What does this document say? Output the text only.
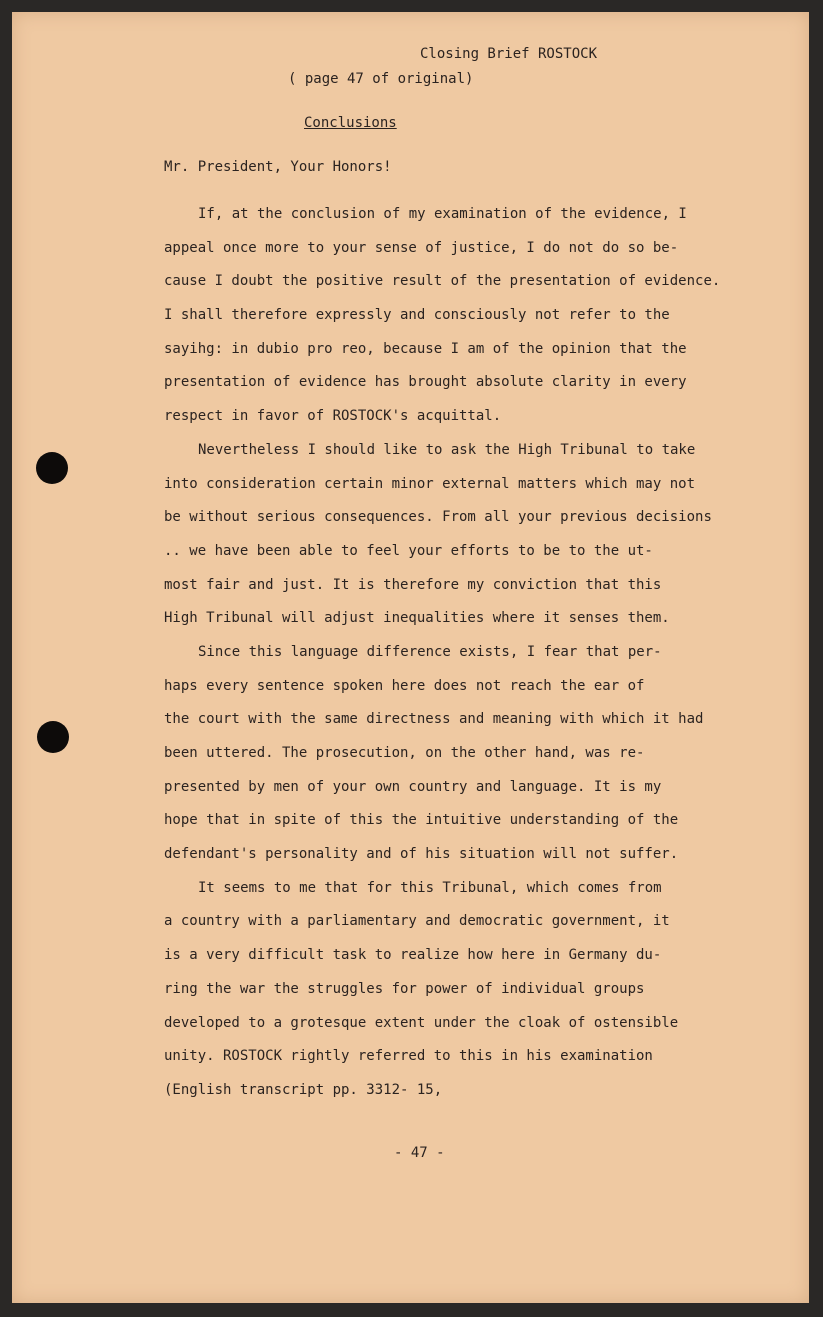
Closing Brief ROSTOCK
( page 47 of original)
Conclusions
Mr. President, Your Honors!
If, at the conclusion of my examination of the evidence, I
appeal once more to your sense of justice, I do not do so be-
cause I doubt the positive result of the presentation of evidence.
I shall therefore expressly and consciously not refer to the
sayihg: in dubio pro reo, because I am of the opinion that the
presentation of evidence has brought absolute clarity in every
respect in favor of ROSTOCK's acquittal.
Nevertheless I should like to ask the High Tribunal to take
into consideration certain minor external matters which may not
be without serious consequences. From all your previous decisions
.. we have been able to feel your efforts to be to the ut-
most fair and just. It is therefore my conviction that this
High Tribunal will adjust inequalities where it senses them.
Since this language difference exists, I fear that per-
haps every sentence spoken here does not reach the ear of
the court with the same directness and meaning with which it had
been uttered. The prosecution, on the other hand, was re-
presented by men of your own country and language. It is my
hope that in spite of this the intuitive understanding of the
defendant's personality and of his situation will not suffer.
It seems to me that for this Tribunal, which comes from
a country with a parliamentary and democratic government, it
is a very difficult task to realize how here in Germany du-
ring the war the struggles for power of individual groups
developed to a grotesque extent under the cloak of ostensible
unity. ROSTOCK rightly referred to this in his examination
(English transcript pp. 3312- 15,
- 47 -
